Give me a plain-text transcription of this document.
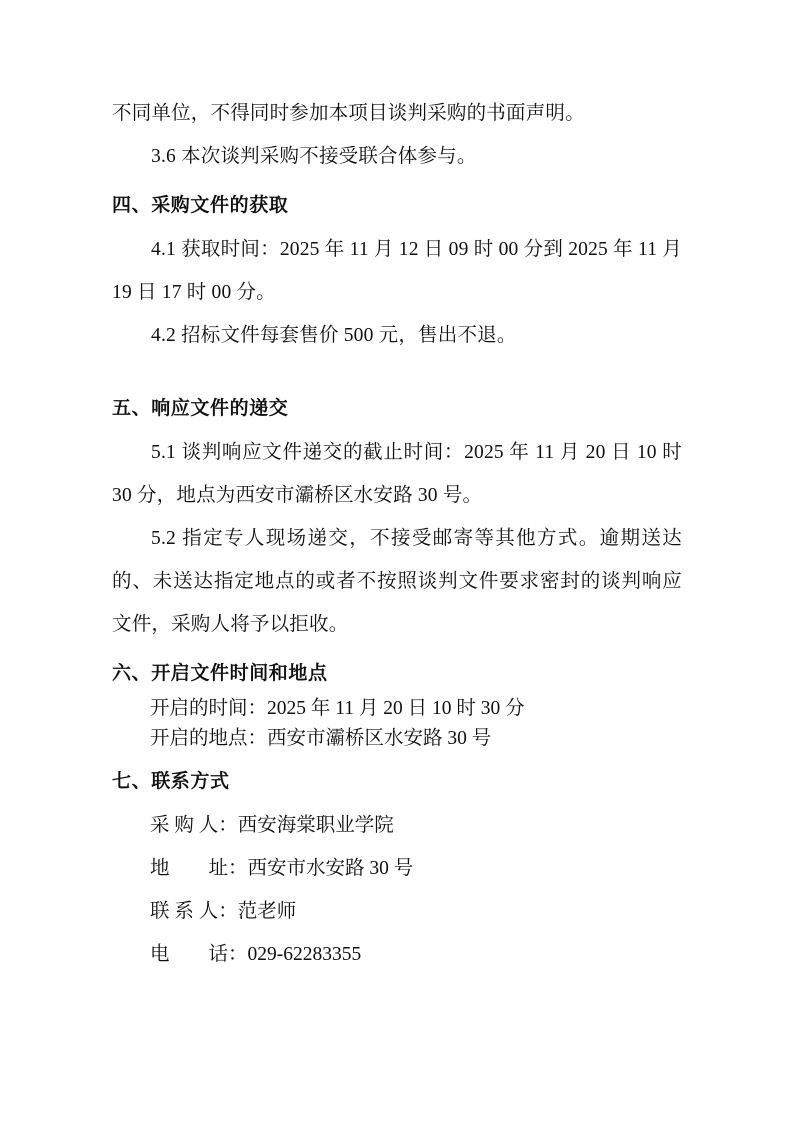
不同单位，不得同时参加本项目谈判采购的书面声明。

3.6 本次谈判采购不接受联合体参与。

四、采购文件的获取

4.1 获取时间：2025 年 11 月 12 日 09 时 00 分到 2025 年 11 月 19 日 17 时 00 分。

4.2 招标文件每套售价 500 元，售出不退。

五、响应文件的递交

5.1 谈判响应文件递交的截止时间：2025 年 11 月 20 日 10 时 30 分，地点为西安市灞桥区水安路 30 号。

5.2 指定专人现场递交，不接受邮寄等其他方式。逾期送达的、未送达指定地点的或者不按照谈判文件要求密封的谈判响应文件，采购人将予以拒收。

六、开启文件时间和地点

开启的时间：2025 年 11 月 20 日 10 时 30 分

开启的地点：西安市灞桥区水安路 30 号

七、联系方式

采 购 人：西安海棠职业学院

地　　址：西安市水安路 30 号

联 系 人：范老师

电　　话：029-62283355
